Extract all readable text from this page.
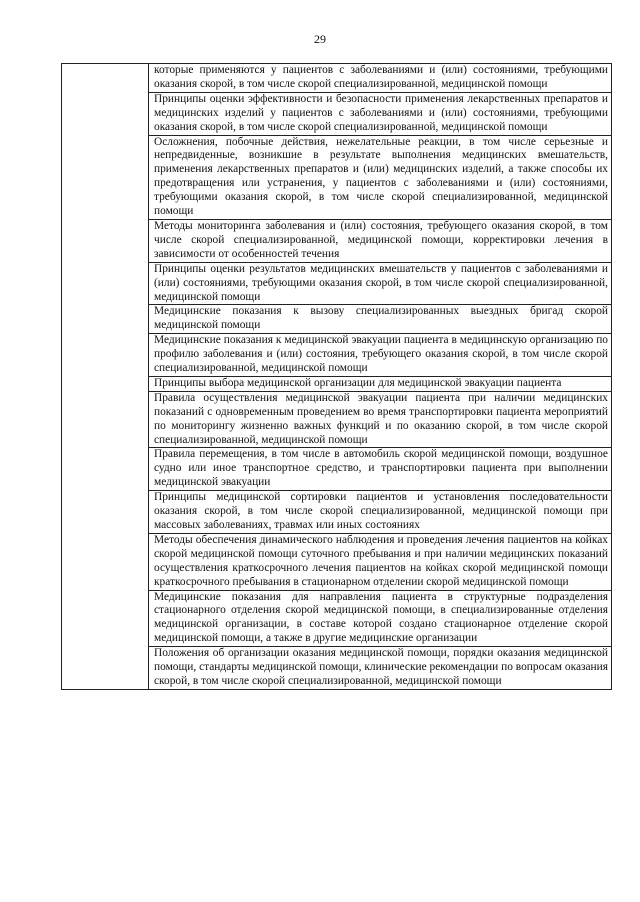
29

которые применяются у пациентов с заболеваниями и (или) состояниями, требующими оказания скорой, в том числе скорой специализированной, медицинской помощи

Принципы оценки эффективности и безопасности применения лекарственных препаратов и медицинских изделий у пациентов с заболеваниями и (или) состояниями, требующими оказания скорой, в том числе скорой специализированной, медицинской помощи

Осложнения, побочные действия, нежелательные реакции, в том числе серьезные и непредвиденные, возникшие в результате выполнения медицинских вмешательств, применения лекарственных препаратов и (или) медицинских изделий, а также способы их предотвращения или устранения, у пациентов с заболеваниями и (или) состояниями, требующими оказания скорой, в том числе скорой специализированной, медицинской помощи

Методы мониторинга заболевания и (или) состояния, требующего оказания скорой, в том числе скорой специализированной, медицинской помощи, корректировки лечения в зависимости от особенностей течения

Принципы оценки результатов медицинских вмешательств у пациентов с заболеваниями и (или) состояниями, требующими оказания скорой, в том числе скорой специализированной, медицинской помощи

Медицинские показания к вызову специализированных выездных бригад скорой медицинской помощи

Медицинские показания к медицинской эвакуации пациента в медицинскую организацию по профилю заболевания и (или) состояния, требующего оказания скорой, в том числе скорой специализированной, медицинской помощи

Принципы выбора медицинской организации для медицинской эвакуации пациента

Правила осуществления медицинской эвакуации пациента при наличии медицинских показаний с одновременным проведением во время транспортировки пациента мероприятий по мониторингу жизненно важных функций и по оказанию скорой, в том числе скорой специализированной, медицинской помощи

Правила перемещения, в том числе в автомобиль скорой медицинской помощи, воздушное судно или иное транспортное средство, и транспортировки пациента при выполнении медицинской эвакуации

Принципы медицинской сортировки пациентов и установления последовательности оказания скорой, в том числе скорой специализированной, медицинской помощи при массовых заболеваниях, травмах или иных состояниях

Методы обеспечения динамического наблюдения и проведения лечения пациентов на койках скорой медицинской помощи суточного пребывания и при наличии медицинских показаний осуществления краткосрочного лечения пациентов на койках скорой медицинской помощи краткосрочного пребывания в стационарном отделении скорой медицинской помощи

Медицинские показания для направления пациента в структурные подразделения стационарного отделения скорой медицинской помощи, в специализированные отделения медицинской организации, в составе которой создано стационарное отделение скорой медицинской помощи, а также в другие медицинские организации

Положения об организации оказания медицинской помощи, порядки оказания медицинской помощи, стандарты медицинской помощи, клинические рекомендации по вопросам оказания скорой, в том числе скорой специализированной, медицинской помощи
